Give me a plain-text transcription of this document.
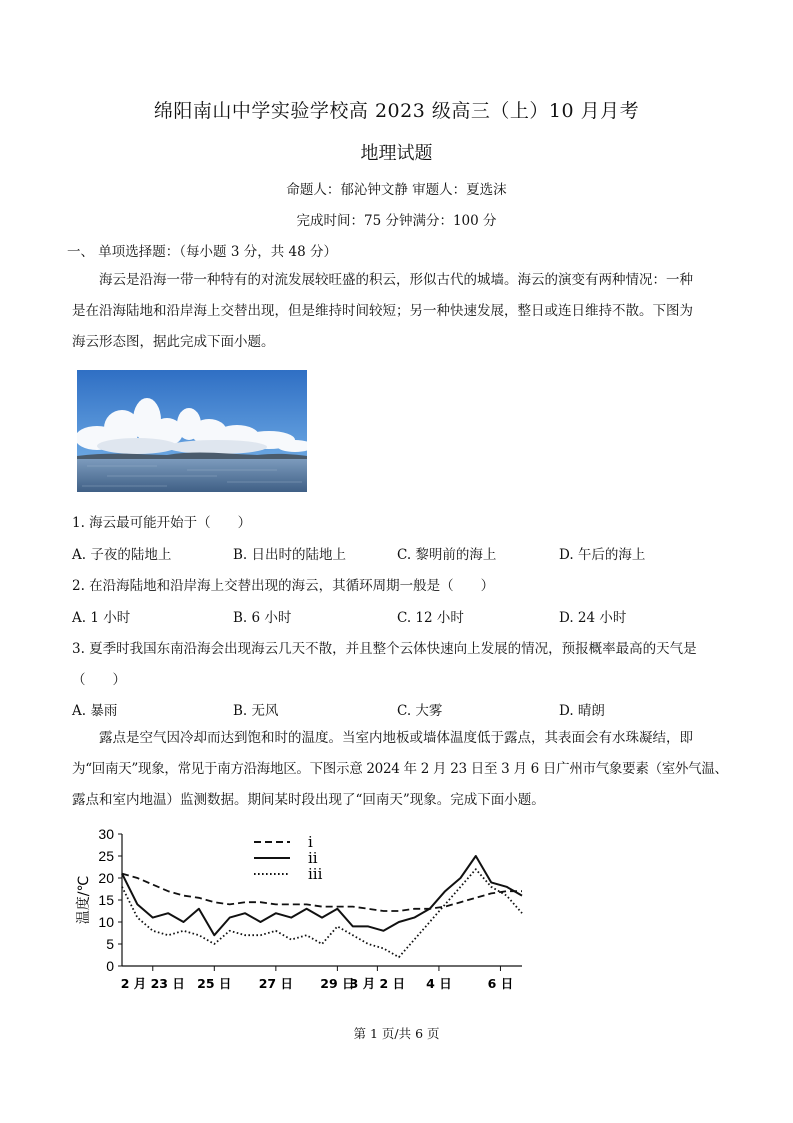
绵阳南山中学实验学校高 2023 级高三（上）10 月月考
地理试题
命题人：郁沁钟文静 审题人：夏选沫
完成时间：75 分钟满分：100 分
一、 单项选择题：（每小题 3 分，共 48 分）
海云是沿海一带一种特有的对流发展较旺盛的积云，形似古代的城墙。海云的演变有两种情况：一种
是在沿海陆地和沿岸海上交替出现，但是维持时间较短；另一种快速发展，整日或连日维持不散。下图为
海云形态图，据此完成下面小题。
1. 海云最可能开始于（　　）
A. 子夜的陆地上	B. 日出时的陆地上	C. 黎明前的海上	D. 午后的海上
2. 在沿海陆地和沿岸海上交替出现的海云，其循环周期一般是（　　）
A. 1 小时	B. 6 小时	C. 12 小时	D. 24 小时
3. 夏季时我国东南沿海会出现海云几天不散，并且整个云体快速向上发展的情况，预报概率最高的天气是
（　　）
A. 暴雨	B. 无风	C. 大雾	D. 晴朗
露点是空气因冷却而达到饱和时的温度。当室内地板或墙体温度低于露点，其表面会有水珠凝结，即
为“回南天”现象，常见于南方沿海地区。下图示意 2024 年 2 月 23 日至 3 月 6 日广州市气象要素（室外气温、
露点和室内地温）监测数据。期间某时段出现了“回南天”现象。完成下面小题。
0
5
10
15
20
25
30
温度/℃
2 月 23 日 25 日 27 日 29 日
3 月 2 日 4 日	6 日
i
ii
iii
第 1 页/共 6 页
